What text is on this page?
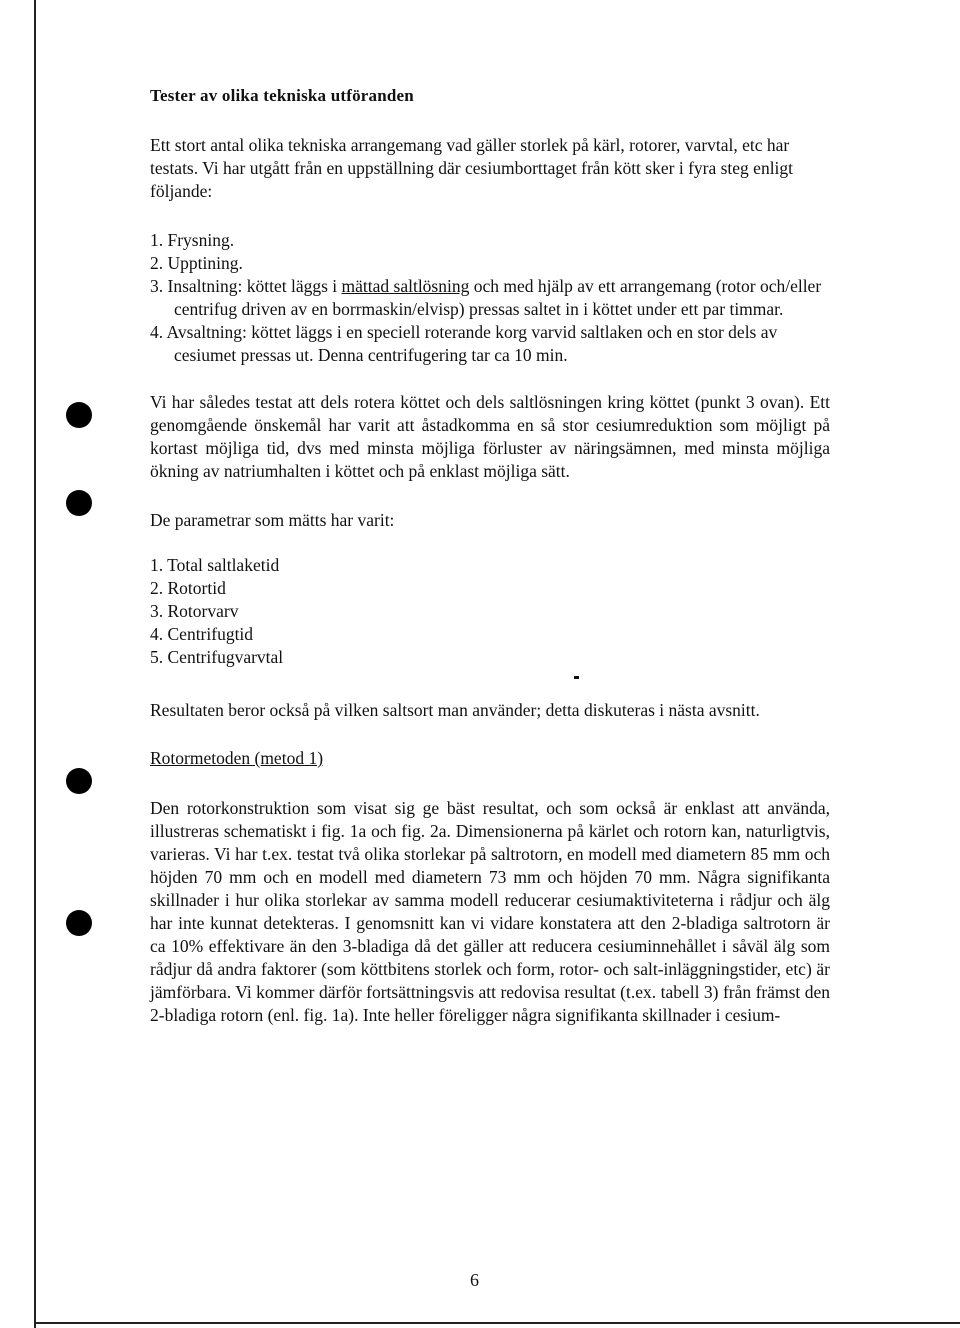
Tester av olika tekniska utföranden

Ett stort antal olika tekniska arrangemang vad gäller storlek på kärl, rotorer, varvtal, etc har testats. Vi har utgått från en uppställning där cesiumborttaget från kött sker i fyra steg enligt följande:

1. Frysning.
2. Upptining.
3. Insaltning: köttet läggs i mättad saltlösning och med hjälp av ett arrangemang (rotor och/eller centrifug driven av en borrmaskin/elvisp) pressas saltet in i köttet under ett par timmar.
4. Avsaltning: köttet läggs i en speciell roterande korg varvid saltlaken och en stor dels av cesiumet pressas ut. Denna centrifugering tar ca 10 min.

Vi har således testat att dels rotera köttet och dels saltlösningen kring köttet (punkt 3 ovan). Ett genomgående önskemål har varit att åstadkomma en så stor cesiumreduktion som möjligt på kortast möjliga tid, dvs med minsta möjliga förluster av näringsämnen, med minsta möjliga ökning av natriumhalten i köttet och på enklast möjliga sätt.

De parametrar som mätts har varit:

1. Total saltlaketid
2. Rotortid
3. Rotorvarv
4. Centrifugtid
5. Centrifugvarvtal

Resultaten beror också på vilken saltsort man använder; detta diskuteras i nästa avsnitt.

Rotormetoden (metod 1)

Den rotorkonstruktion som visat sig ge bäst resultat, och som också är enklast att använda, illustreras schematiskt i fig. 1a och fig. 2a. Dimensionerna på kärlet och rotorn kan, naturligtvis, varieras. Vi har t.ex. testat två olika storlekar på saltrotorn, en modell med diametern 85 mm och höjden 70 mm och en modell med diametern 73 mm och höjden 70 mm. Några signifikanta skillnader i hur olika storlekar av samma modell reducerar cesiumaktiviteterna i rådjur och älg har inte kunnat detekteras. I genomsnitt kan vi vidare konstatera att den 2-bladiga saltrotorn är ca 10% effektivare än den 3-bladiga då det gäller att reducera cesiuminnehållet i såväl älg som rådjur då andra faktorer (som köttbitens storlek och form, rotor- och salt-inläggningstider, etc) är jämförbara. Vi kommer därför fortsättningsvis att redovisa resultat (t.ex. tabell 3) från främst den 2-bladiga rotorn (enl. fig. 1a). Inte heller föreligger några signifikanta skillnader i cesium-

6
